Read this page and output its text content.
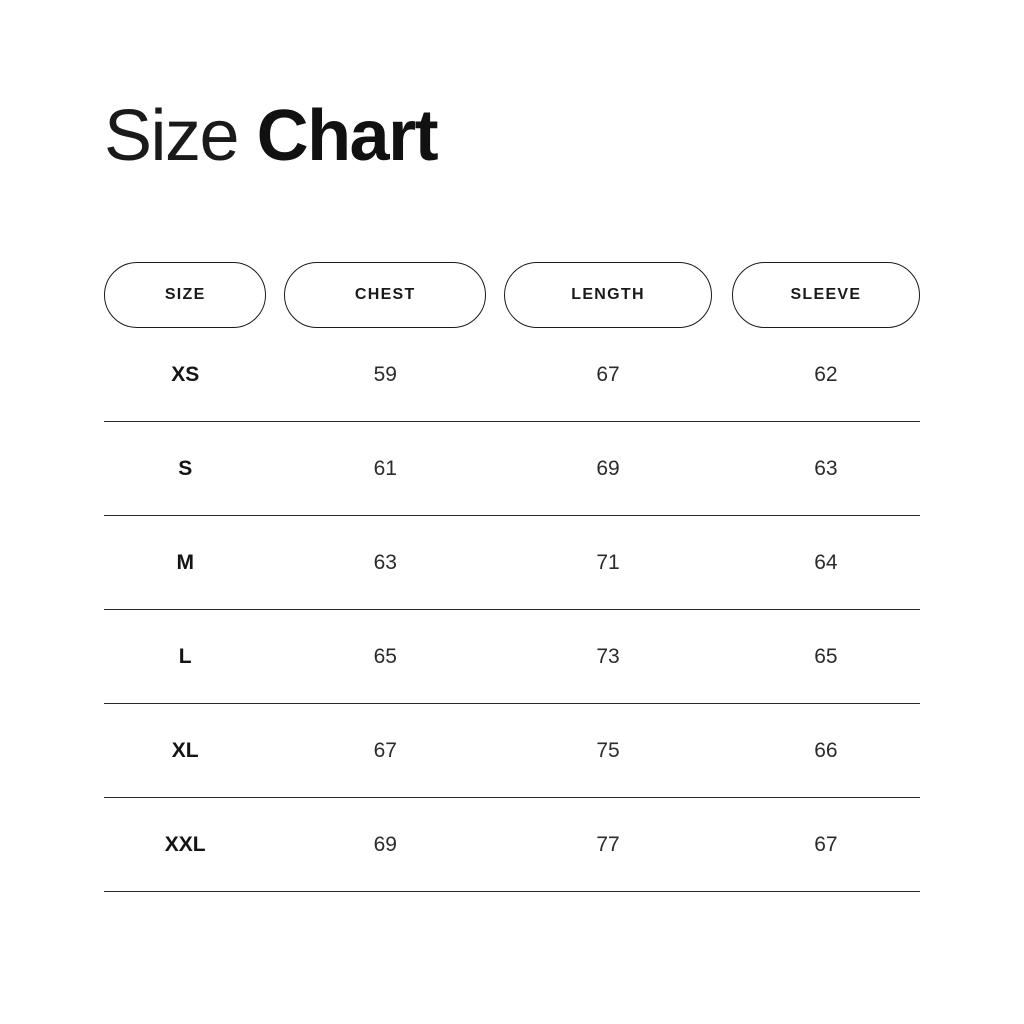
Size Chart
SIZE	CHEST	LENGTH	SLEEVE
XS	59	67	62
S	61	69	63
M	63	71	64
L	65	73	65
XL	67	75	66
XXL	69	77	67
